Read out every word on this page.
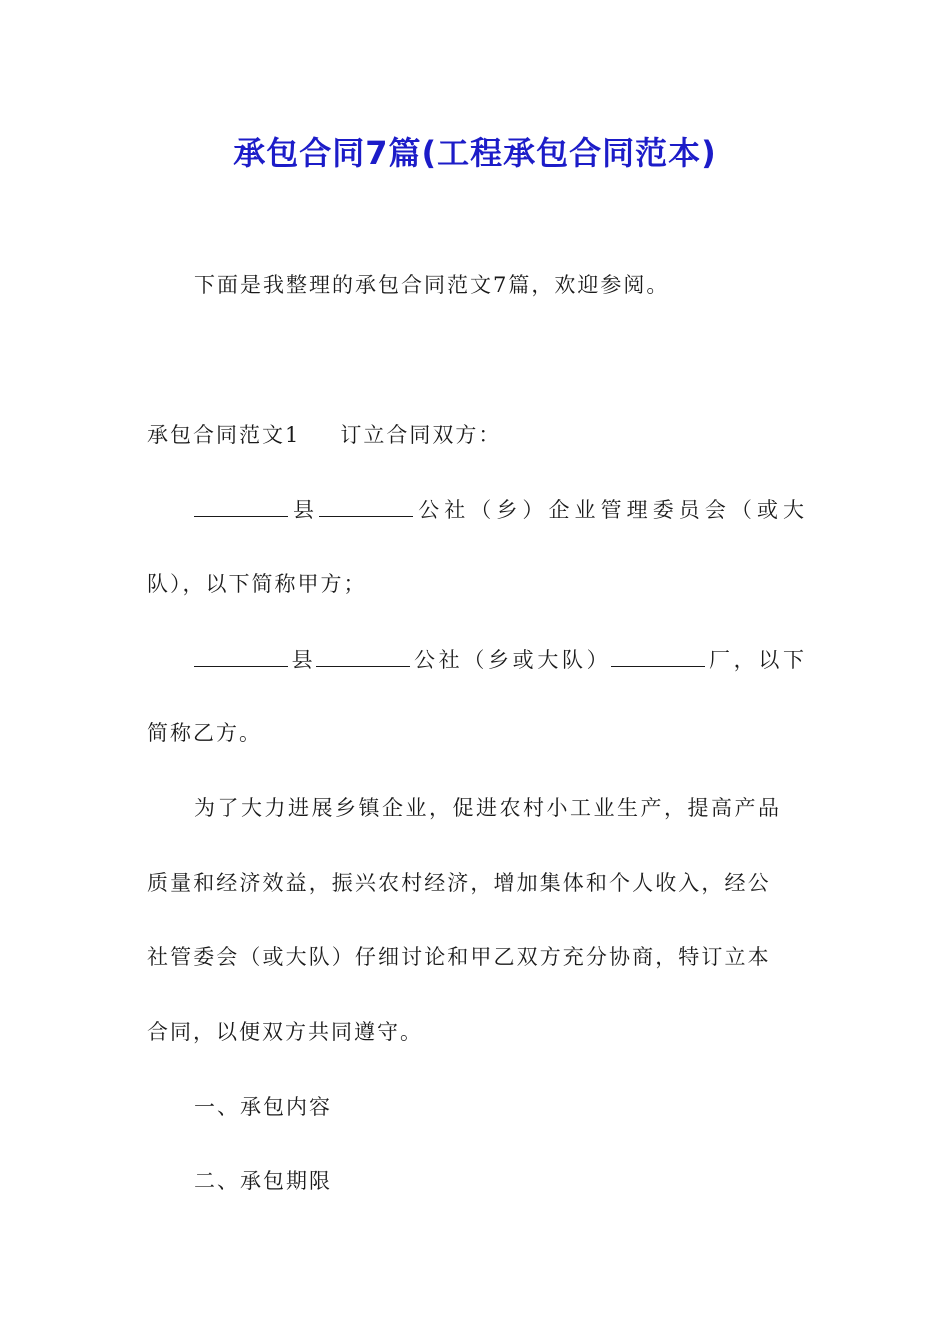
承包合同7篇(工程承包合同范本)
下面是我整理的承包合同范文7篇，欢迎参阅。
承包合同范文1 订立合同双方：
县	公社（乡）企业管理委员会（或大
队），以下简称甲方；
县	公社（乡或大队）	厂，以下
简称乙方。
为了大力进展乡镇企业，促进农村小工业生产，提高产品
质量和经济效益，振兴农村经济，增加集体和个人收入，经公
社管委会（或大队）仔细讨论和甲乙双方充分协商，特订立本
合同，以便双方共同遵守。
一、承包内容
二、承包期限
